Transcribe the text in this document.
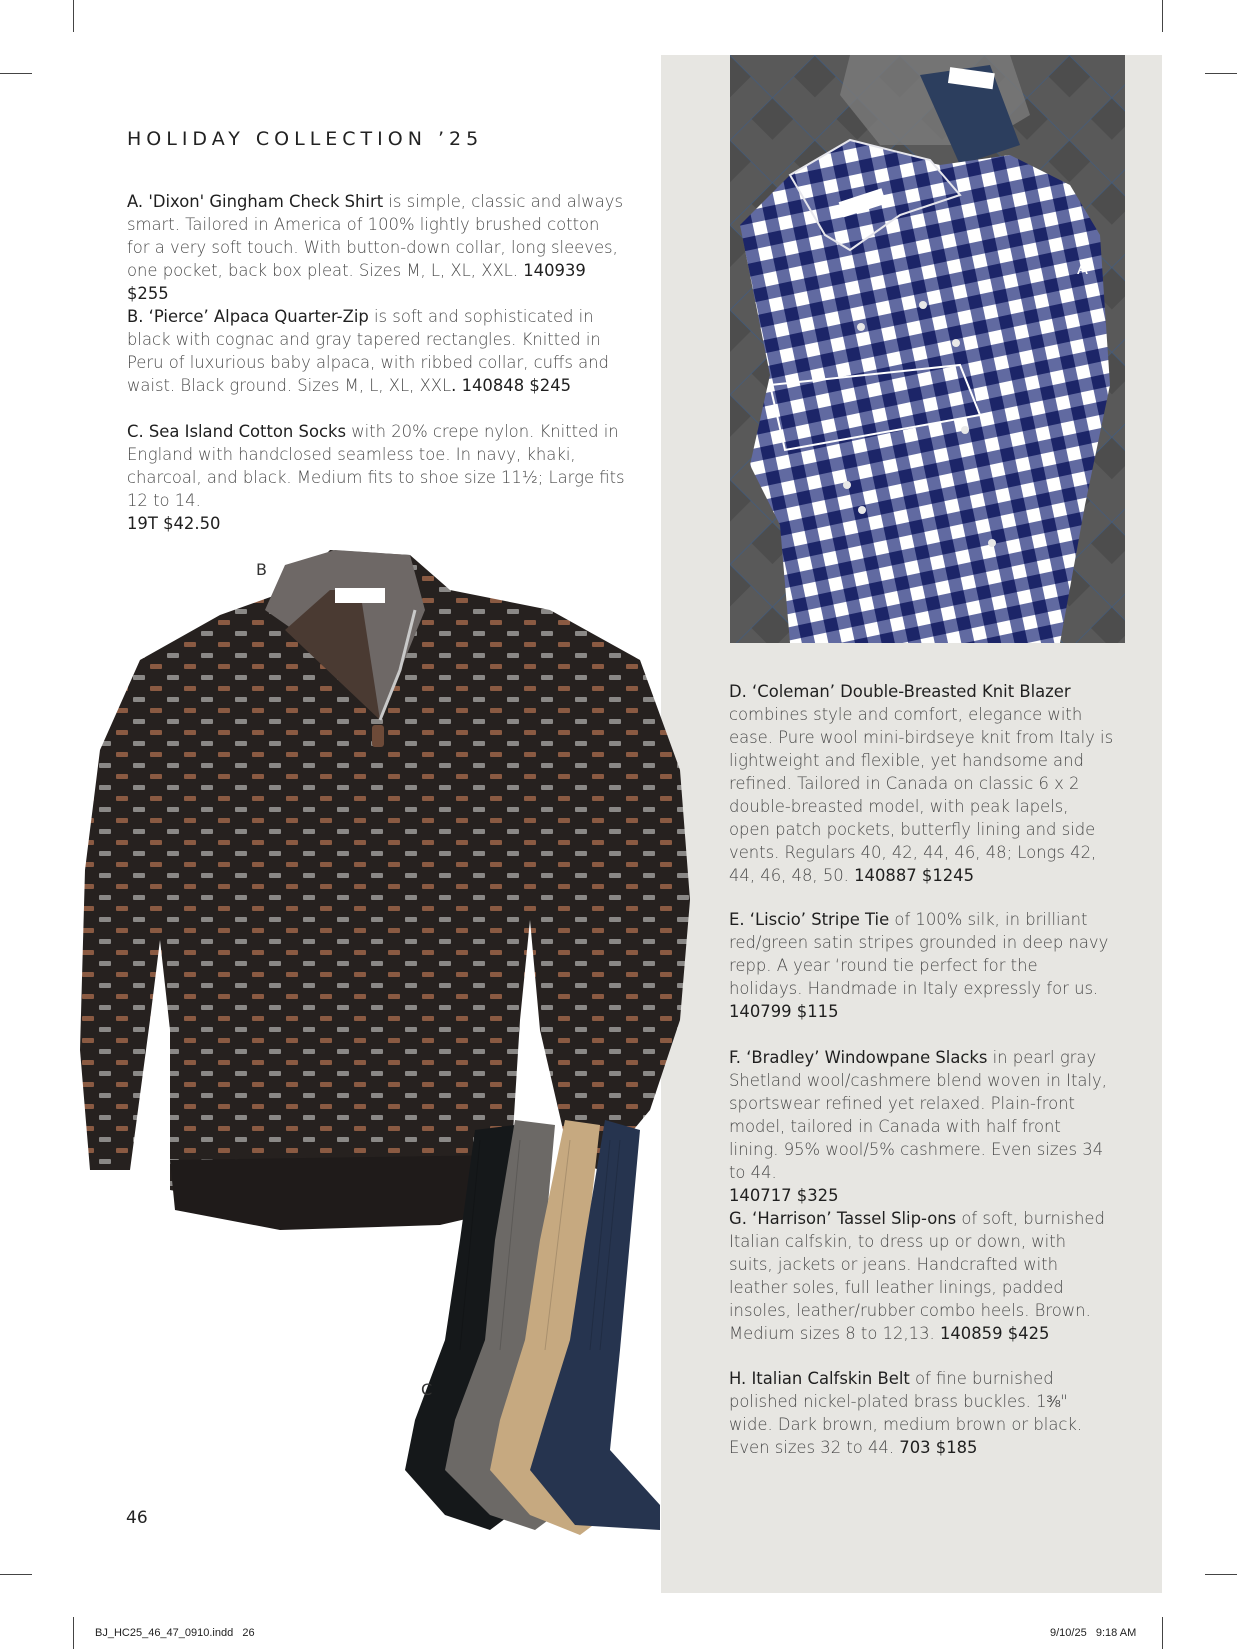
HOLIDAY COLLECTION ’25
A. 'Dixon' Gingham Check Shirt is simple, classic and always smart. Tailored in America of 100% lightly brushed cotton for a very soft touch. With button-down collar, long sleeves, one pocket, back box pleat. Sizes M, L, XL, XXL. 140939 $255
B. ‘Pierce’ Alpaca Quarter-Zip is soft and sophisticated in black with cognac and gray tapered rectangles. Knitted in Peru of luxurious baby alpaca, with ribbed collar, cuffs and waist. Black ground. Sizes M, L, XL, XXL. 140848 $245
C. Sea Island Cotton Socks with 20% crepe nylon. Knitted in England with handclosed seamless toe. In navy, khaki, charcoal, and black. Medium fits to shoe size 11½; Large fits 12 to 14.
19T $42.50
D. ‘Coleman’ Double-Breasted Knit Blazer combines style and comfort, elegance with ease. Pure wool mini-birdseye knit from Italy is lightweight and flexible, yet handsome and refined. Tailored in Canada on classic 6 x 2 double-breasted model, with peak lapels, open patch pockets, butterfly lining and side vents. Regulars 40, 42, 44, 46, 48; Longs 42, 44, 46, 48, 50. 140887 $1245
E. ‘Liscio’ Stripe Tie of 100% silk, in brilliant red/green satin stripes grounded in deep navy repp. A year ‘round tie perfect for the holidays. Handmade in Italy expressly for us.
140799 $115
F. ‘Bradley’ Windowpane Slacks in pearl gray Shetland wool/cashmere blend woven in Italy, sportswear refined yet relaxed. Plain-front model, tailored in Canada with half front lining. 95% wool/5% cashmere. Even sizes 34 to 44.
140717 $325
G. ‘Harrison’ Tassel Slip-ons of soft, burnished Italian calfskin, to dress up or down, with suits, jackets or jeans. Handcrafted with leather soles, full leather linings, padded insoles, leather/rubber combo heels. Brown. Medium sizes 8 to 12,13. 140859 $425
H. Italian Calfskin Belt of fine burnished polished nickel-plated brass buckles. 1⅜" wide. Dark brown, medium brown or black. Even sizes 32 to 44. 703 $185
A
B
C
46
BJ_HC25_46_47_0910.indd   26	9/10/25   9:18 AM
